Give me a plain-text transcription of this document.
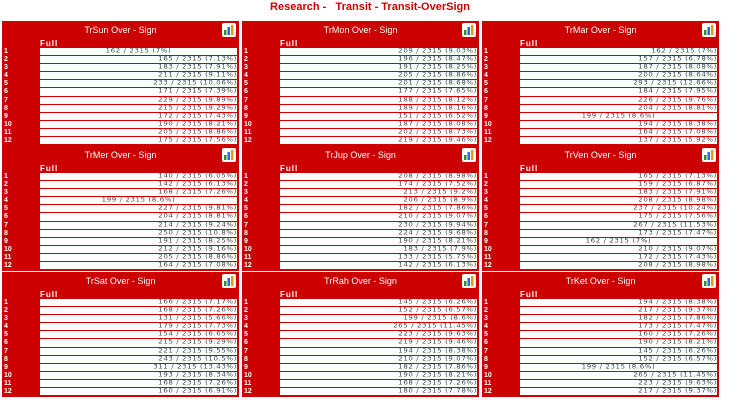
Research -   Transit - Transit-OverSign
TrSun Over - Sign
Full
1	162 / 2315 (7%)
2	165 / 2315 (7.13%)
3	183 / 2315 (7.91%)
4	211 / 2315 (9.11%)
5	233 / 2315 (10.06%)
6	171 / 2315 (7.39%)
7	229 / 2315 (9.89%)
8	215 / 2315 (9.29%)
9	172 / 2315 (7.43%)
10	190 / 2315 (8.21%)
11	205 / 2315 (8.86%)
12	175 / 2315 (7.56%)
TrMon Over - Sign
Full
1	209 / 2315 (9.03%)
2	196 / 2315 (8.47%)
3	191 / 2315 (8.25%)
4	205 / 2315 (8.86%)
5	201 / 2315 (8.68%)
6	177 / 2315 (7.65%)
7	188 / 2315 (8.12%)
8	189 / 2315 (8.16%)
9	151 / 2315 (6.52%)
10	187 / 2315 (8.08%)
11	202 / 2315 (8.73%)
12	219 / 2315 (9.46%)
TrMar Over - Sign
Full
1	162 / 2315 (7%)
2	157 / 2315 (6.78%)
3	187 / 2315 (8.08%)
4	200 / 2315 (8.64%)
5	293 / 2315 (12.66%)
6	184 / 2315 (7.95%)
7	226 / 2315 (9.76%)
8	204 / 2315 (8.81%)
9	199 / 2315 (8.6%)
10	194 / 2315 (8.38%)
11	164 / 2315 (7.08%)
12	137 / 2315 (5.92%)
TrMer Over - Sign
Full
1	140 / 2315 (6.05%)
2	142 / 2315 (6.13%)
3	168 / 2315 (7.26%)
4	199 / 2315 (8.6%)
5	227 / 2315 (9.81%)
6	204 / 2315 (8.81%)
7	214 / 2315 (9.24%)
8	250 / 2315 (10.8%)
9	191 / 2315 (8.25%)
10	212 / 2315 (9.16%)
11	205 / 2315 (8.86%)
12	164 / 2315 (7.08%)
TrJup Over - Sign
Full
1	208 / 2315 (8.98%)
2	174 / 2315 (7.52%)
3	213 / 2315 (9.2%)
4	206 / 2315 (8.9%)
5	182 / 2315 (7.86%)
6	210 / 2315 (9.07%)
7	230 / 2315 (9.94%)
8	224 / 2315 (9.68%)
9	190 / 2315 (8.21%)
10	183 / 2315 (7.9%)
11	133 / 2315 (5.75%)
12	142 / 2315 (6.13%)
TrVen Over - Sign
Full
1	165 / 2315 (7.13%)
2	159 / 2315 (6.87%)
3	183 / 2315 (7.91%)
4	208 / 2315 (8.98%)
5	237 / 2315 (10.24%)
6	175 / 2315 (7.56%)
7	267 / 2315 (11.53%)
8	173 / 2315 (7.47%)
9	162 / 2315 (7%)
10	210 / 2315 (9.07%)
11	172 / 2315 (7.43%)
12	208 / 2315 (8.98%)
TrSat Over - Sign
Full
1	166 / 2315 (7.17%)
2	168 / 2315 (7.26%)
3	131 / 2315 (5.66%)
4	179 / 2315 (7.73%)
5	154 / 2315 (6.65%)
6	215 / 2315 (9.29%)
7	221 / 2315 (9.55%)
8	243 / 2315 (10.5%)
9	311 / 2315 (13.43%)
10	193 / 2315 (8.34%)
11	168 / 2315 (7.26%)
12	160 / 2315 (6.91%)
TrRah Over - Sign
Full
1	145 / 2315 (6.26%)
2	152 / 2315 (6.57%)
3	199 / 2315 (8.6%)
4	265 / 2315 (11.45%)
5	223 / 2315 (9.63%)
6	219 / 2315 (9.46%)
7	194 / 2315 (8.38%)
8	210 / 2315 (9.07%)
9	182 / 2315 (7.86%)
10	190 / 2315 (8.21%)
11	168 / 2315 (7.26%)
12	180 / 2315 (7.78%)
TrKet Over - Sign
Full
1	194 / 2315 (8.38%)
2	217 / 2315 (9.37%)
3	182 / 2315 (7.86%)
4	173 / 2315 (7.47%)
5	160 / 2315 (7.26%)
6	190 / 2315 (8.21%)
7	145 / 2315 (6.26%)
8	152 / 2315 (6.57%)
9	199 / 2315 (8.6%)
10	265 / 2315 (11.45%)
11	223 / 2315 (9.63%)
12	217 / 2315 (9.37%)
